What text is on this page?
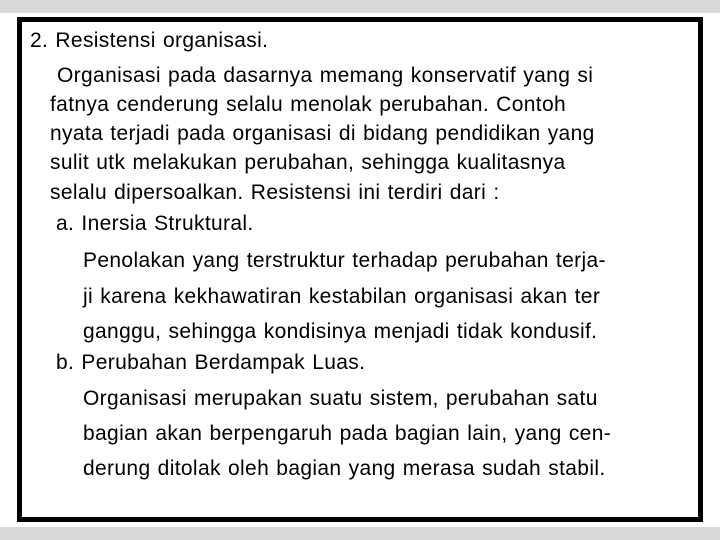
2. Resistensi organisasi.
Organisasi pada dasarnya memang konservatif yang si
fatnya cenderung selalu menolak perubahan. Contoh
nyata terjadi pada organisasi di bidang pendidikan yang
sulit utk melakukan perubahan, sehingga kualitasnya
selalu dipersoalkan. Resistensi ini terdiri dari :
a. Inersia Struktural.
Penolakan yang terstruktur terhadap perubahan terja-
ji karena kekhawatiran kestabilan organisasi akan ter
ganggu, sehingga kondisinya menjadi tidak kondusif.
b. Perubahan Berdampak Luas.
Organisasi merupakan suatu sistem, perubahan satu
bagian akan berpengaruh pada bagian lain, yang cen-
derung ditolak oleh bagian yang merasa sudah stabil.
